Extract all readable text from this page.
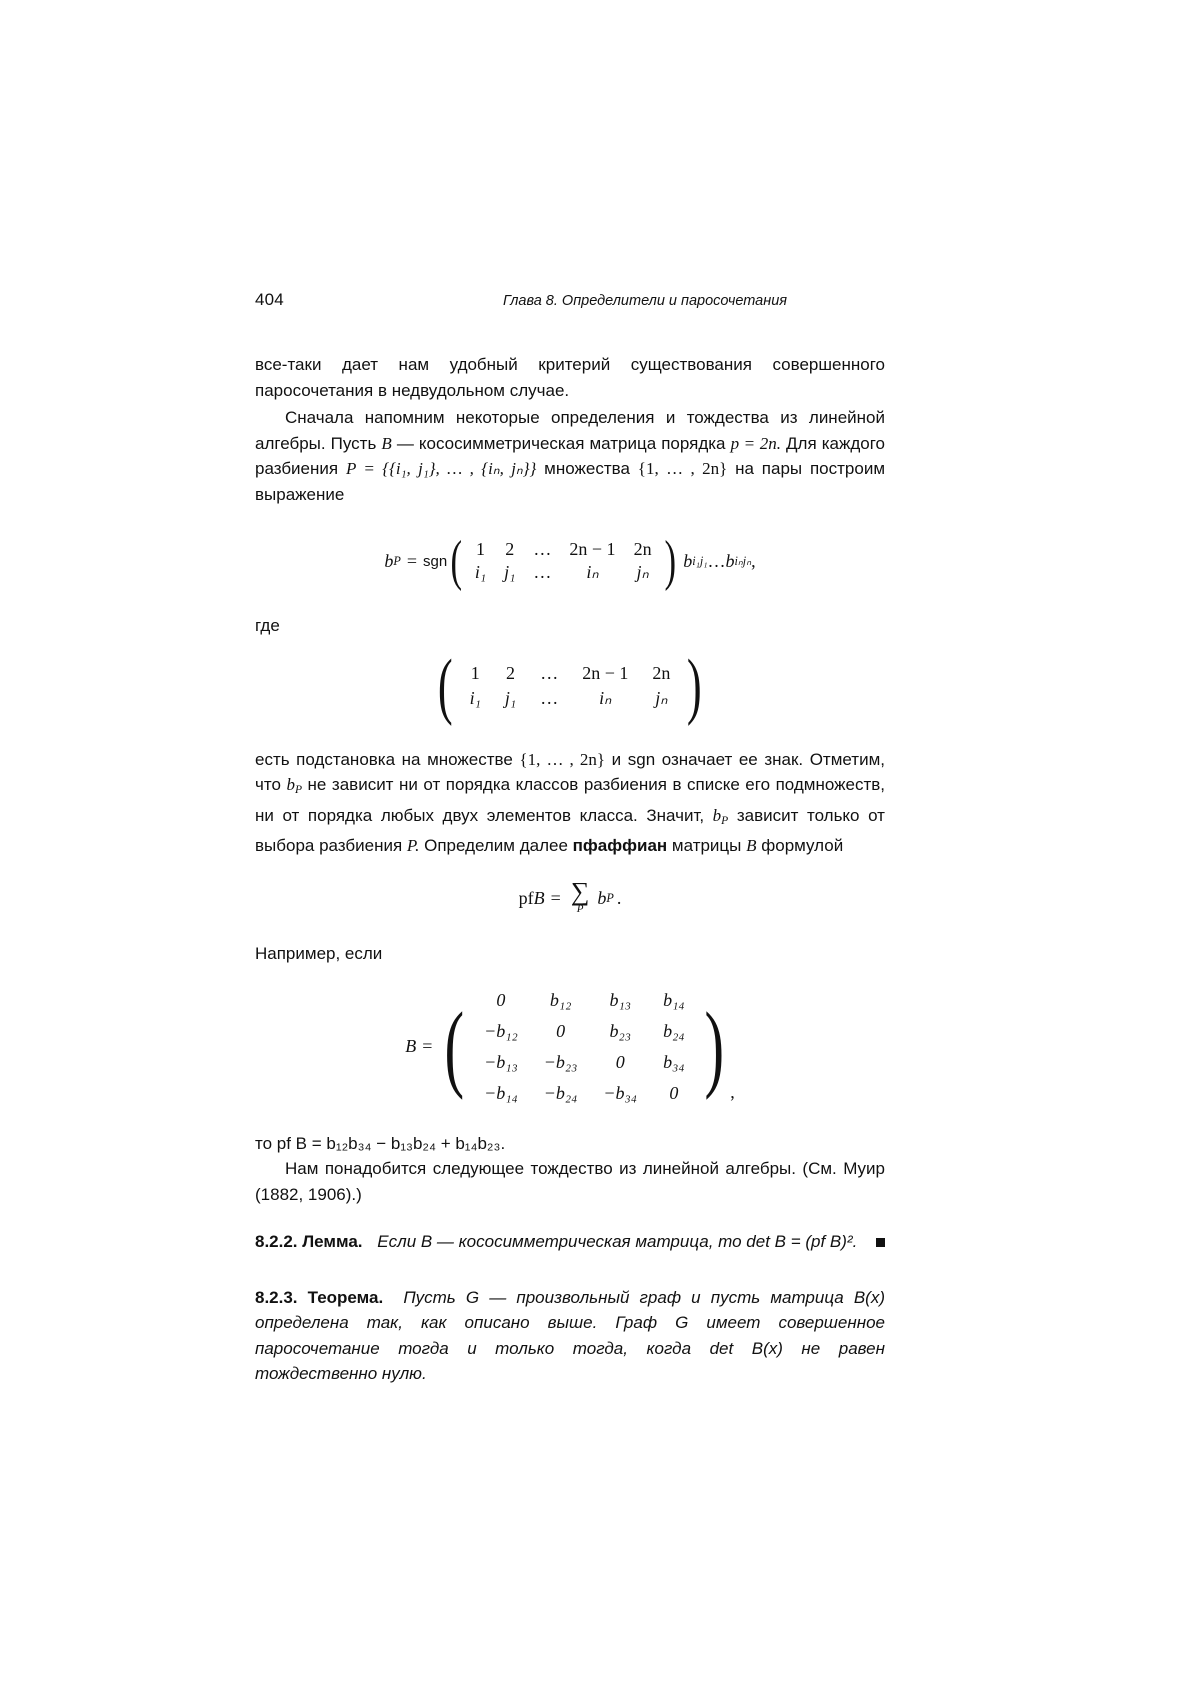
404	Глава 8. Определители и паросочетания

все-таки дает нам удобный критерий существования совершенного паросочетания в недвудольном случае.

Сначала напомним некоторые определения и тождества из линейной алгебры. Пусть B — кососимметрическая матрица порядка p = 2n. Для каждого разбиения P = {{i₁, j₁}, … , {iₙ, jₙ}} множества {1, … , 2n} на пары построим выражение

b P = sgn ( 1	2	…	2n − 1	2n
i₁	j₁	…	iₙ	jₙ ) b i₁j₁ … b iₙjₙ ,

где

( 1	2	…	2n − 1	2n
i₁	j₁	…	iₙ	jₙ )

есть подстановка на множестве {1, … , 2n} и sgn означает ее знак. Отметим, что $b_P$ не зависит ни от порядка классов разбиения в списке его подмножеств, ни от порядка любых двух элементов класса. Значит, $b_P$ зависит только от выбора разбиения P. Определим далее пфаффиан матрицы B формулой

pfB = ∑
P
b P .

Например, если

B = ( 0	b₁₂	b₁₃	b₁₄
−b₁₂	0	b₂₃	b₂₄
−b₁₃	−b₂₃	0	b₃₄
−b₁₄	−b₂₄	−b₃₄	0 ) ,

то pf B = b₁₂b₃₄ − b₁₃b₂₄ + b₁₄b₂₃.

Нам понадобится следующее тождество из линейной алгебры. (См. Муир (1882, 1906).)

8.2.2. Лемма. Если B — кососимметрическая матрица, то det B = (pf B)².

8.2.3. Теорема. Пусть G — произвольный граф и пусть матрица B(x) определена так, как описано выше. Граф G имеет совершенное паросочетание тогда и только тогда, когда det B(x) не равен тождественно нулю.
